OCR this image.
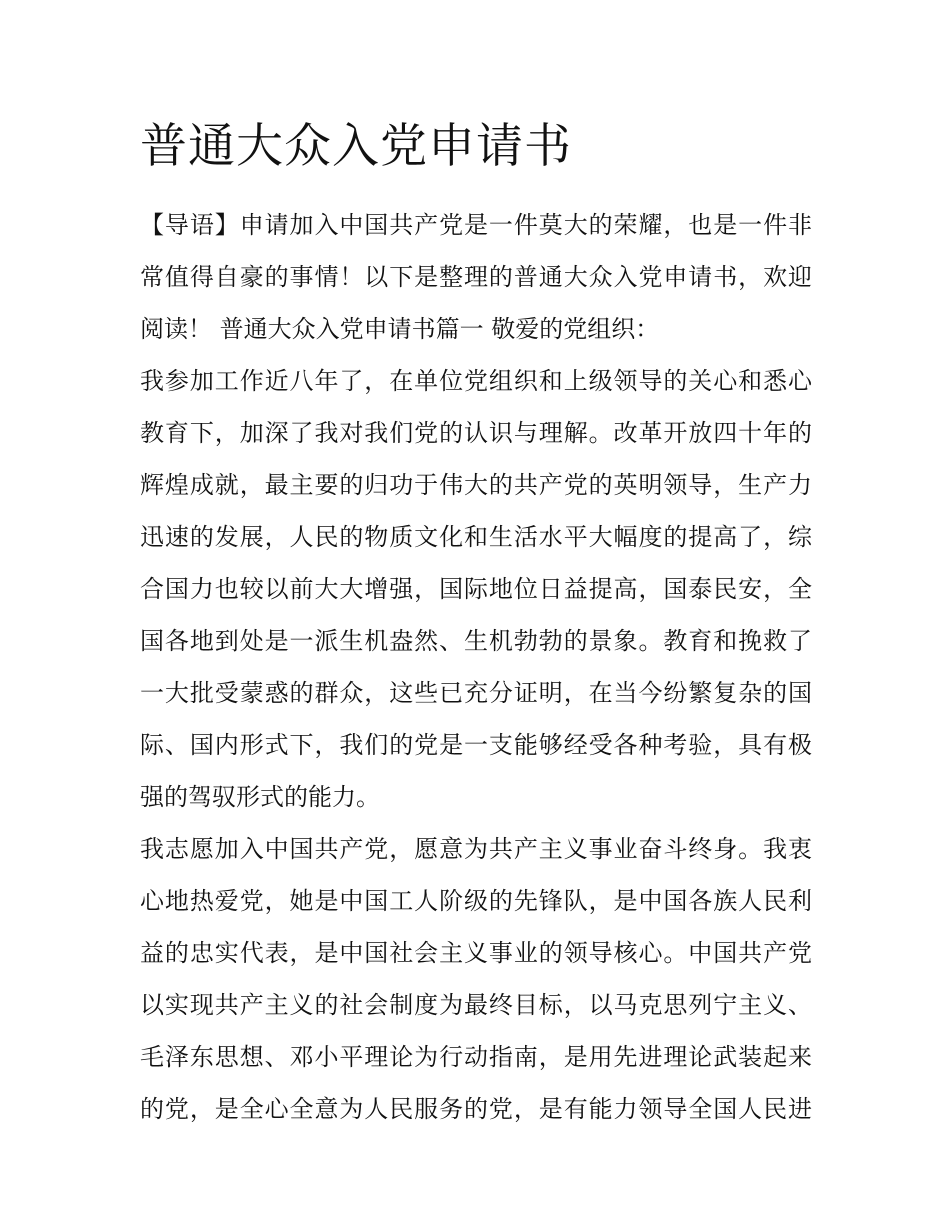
普通大众入党申请书

【导语】申请加入中国共产党是一件莫大的荣耀，也是一件非
常值得自豪的事情！以下是整理的普通大众入党申请书，欢迎
阅读！ 普通大众入党申请书篇一 敬爱的党组织：

我参加工作近八年了，在单位党组织和上级领导的关心和悉心
教育下，加深了我对我们党的认识与理解。改革开放四十年的
辉煌成就，最主要的归功于伟大的共产党的英明领导，生产力
迅速的发展，人民的物质文化和生活水平大幅度的提高了，综
合国力也较以前大大增强，国际地位日益提高，国泰民安，全
国各地到处是一派生机盎然、生机勃勃的景象。教育和挽救了
一大批受蒙惑的群众，这些已充分证明，在当今纷繁复杂的国
际、国内形式下，我们的党是一支能够经受各种考验，具有极
强的驾驭形式的能力。

我志愿加入中国共产党，愿意为共产主义事业奋斗终身。我衷
心地热爱党，她是中国工人阶级的先锋队，是中国各族人民利
益的忠实代表，是中国社会主义事业的领导核心。中国共产党
以实现共产主义的社会制度为最终目标，以马克思列宁主义、
毛泽东思想、邓小平理论为行动指南，是用先进理论武装起来
的党，是全心全意为人民服务的党，是有能力领导全国人民进
